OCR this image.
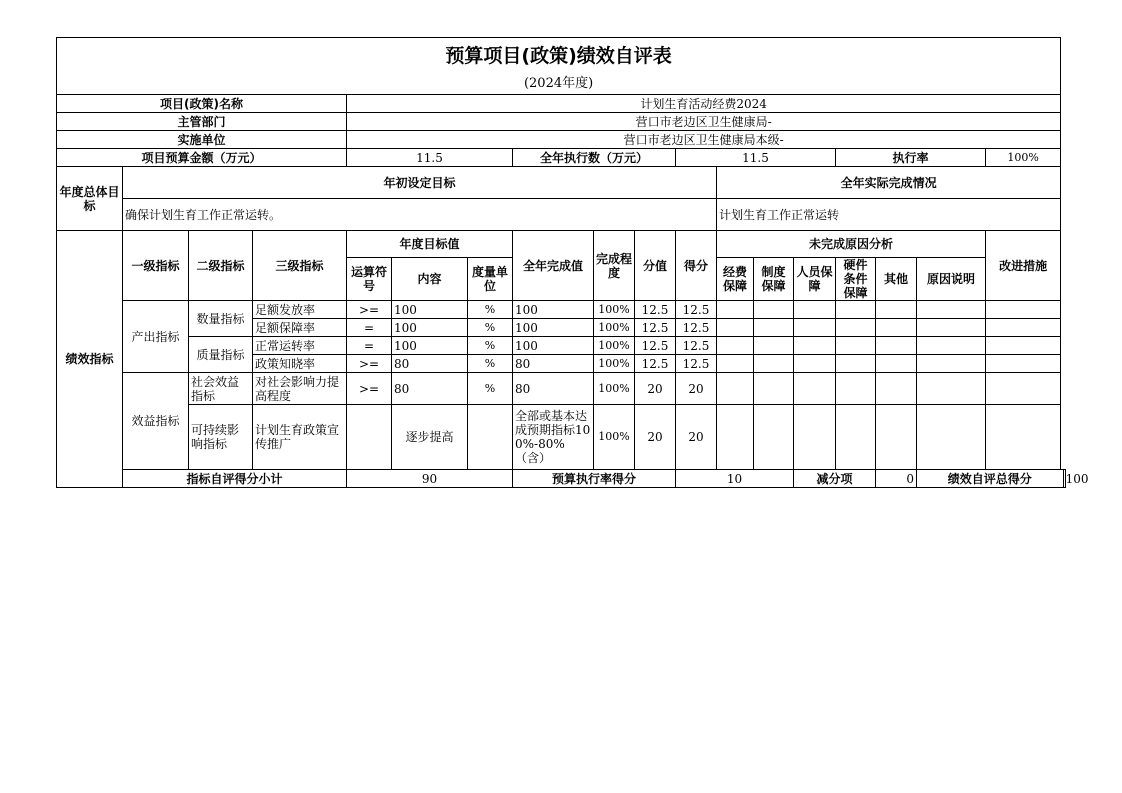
预算项目(政策)绩效自评表																		
(2024年度)																		
项目(政策)名称				计划生育活动经费2024														
主管部门				营口市老边区卫生健康局-														
实施单位				营口市老边区卫生健康局本级-														
项目预算金额（万元）				11.5			全年执行数（万元）			11.5				执行率			100%	
年度总体目标	年初设定目标										全年实际完成情况							
	确保计划生育工作正常运转。										计划生育工作正常运转							
绩效指标	一级指标	二级指标	三级指标	年度目标值			全年完成值	完成程度	分值	得分	未完成原因分析						改进措施	
				运算符号	内容	度量单位					经费保障	制度保障	人员保障	硬件条件保障	其他	原因说明		
	产出指标	数量指标	足额发放率	>=	100	%	100	100%	12.5	12.5								
			足额保障率	=	100	%	100	100%	12.5	12.5								
		质量指标	正常运转率	=	100	%	100	100%	12.5	12.5								
			政策知晓率	>=	80	%	80	100%	12.5	12.5								
	效益指标	社会效益指标	对社会影响力提高程度	>=	80	%	80	100%	20	20								
		可持续影响指标	计划生育政策宣传推广		逐步提高		全部或基本达成预期指标100%-80%（含）	100%	20	20								
	指标自评得分小计			90			预算执行率得分			10			减分项		0	绩效自评总得分		100
